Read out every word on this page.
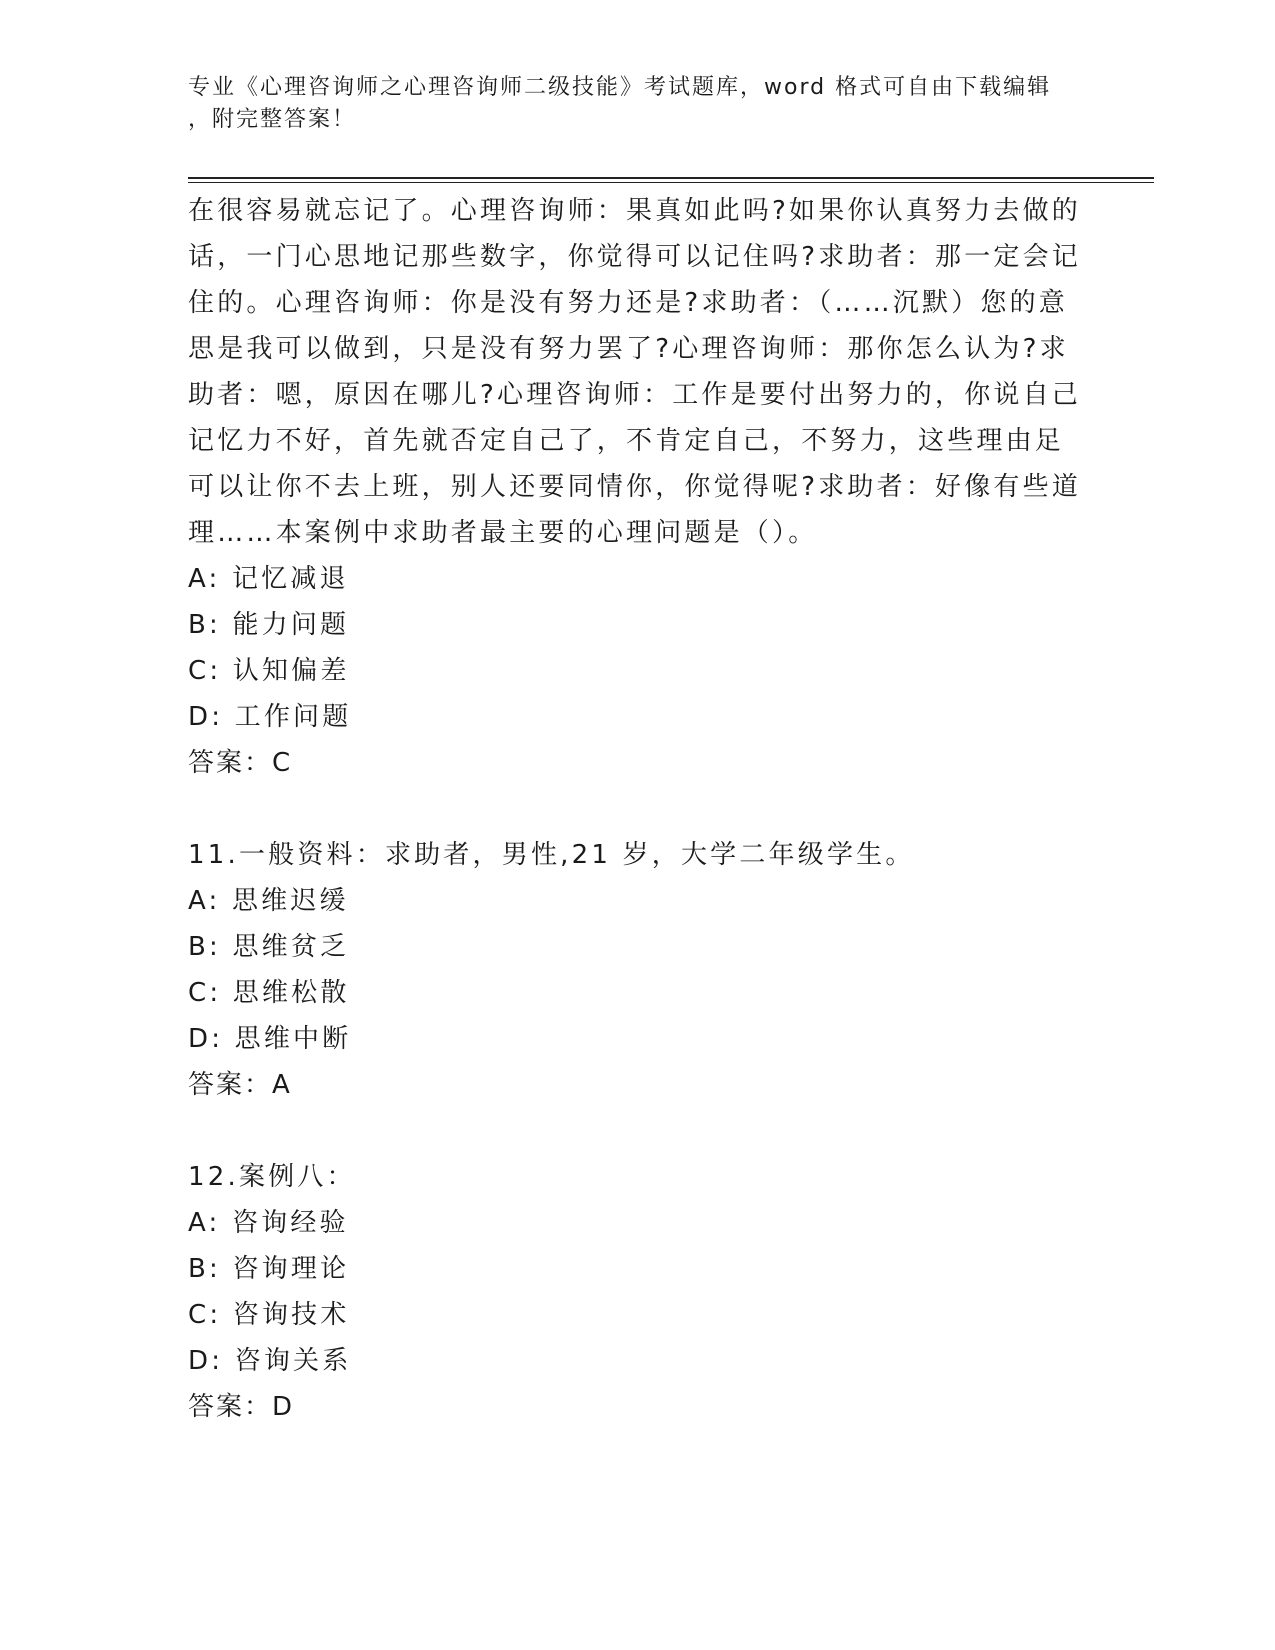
专业《心理咨询师之心理咨询师二级技能》考试题库，word 格式可自由下载编辑
，附完整答案！
在很容易就忘记了。心理咨询师：果真如此吗?如果你认真努力去做的
话，一门心思地记那些数字，你觉得可以记住吗?求助者：那一定会记
住的。心理咨询师：你是没有努力还是?求助者：（……沉默）您的意
思是我可以做到，只是没有努力罢了?心理咨询师：那你怎么认为?求
助者：嗯，原因在哪儿?心理咨询师：工作是要付出努力的，你说自己
记忆力不好，首先就否定自己了，不肯定自己，不努力，这些理由足
可以让你不去上班，别人还要同情你，你觉得呢?求助者：好像有些道
理……本案例中求助者最主要的心理问题是（）。
A: 记忆减退
B: 能力问题
C: 认知偏差
D: 工作问题
答案：C
11.一般资料：求助者，男性,21 岁，大学二年级学生。
A: 思维迟缓
B: 思维贫乏
C: 思维松散
D: 思维中断
答案：A
12.案例八：
A: 咨询经验
B: 咨询理论
C: 咨询技术
D: 咨询关系
答案：D
